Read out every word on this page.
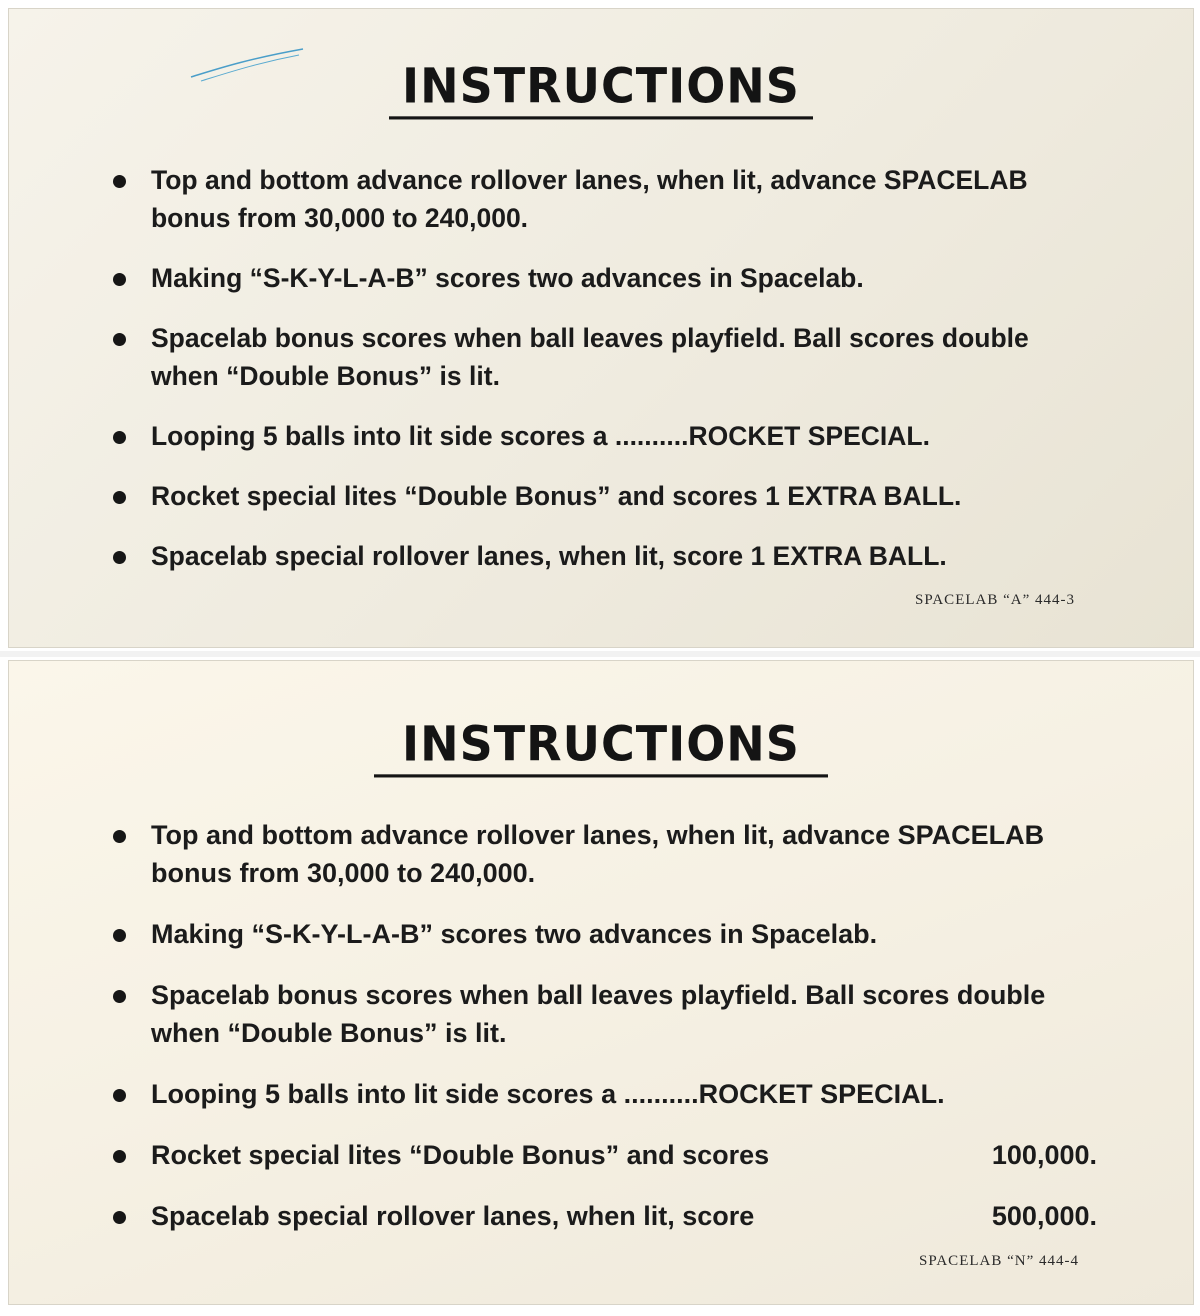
INSTRUCTIONS
Top and bottom advance rollover lanes, when lit, advance SPACELAB bonus from 30,000 to 240,000.
Making “S-K-Y-L-A-B” scores two advances in Spacelab.
Spacelab bonus scores when ball leaves playfield. Ball scores double when “Double Bonus” is lit.
Looping 5 balls into lit side scores a ..........ROCKET SPECIAL.
Rocket special lites “Double Bonus” and scores 1 EXTRA BALL.
Spacelab special rollover lanes, when lit, score 1 EXTRA BALL.
SPACELAB “A” 444-3
INSTRUCTIONS
Top and bottom advance rollover lanes, when lit, advance SPACELAB bonus from 30,000 to 240,000.
Making “S-K-Y-L-A-B” scores two advances in Spacelab.
Spacelab bonus scores when ball leaves playfield. Ball scores double when “Double Bonus” is lit.
Looping 5 balls into lit side scores a ..........ROCKET SPECIAL.
Rocket special lites “Double Bonus” and scores	100,000.
Spacelab special rollover lanes, when lit, score	500,000.
SPACELAB “N” 444-4
